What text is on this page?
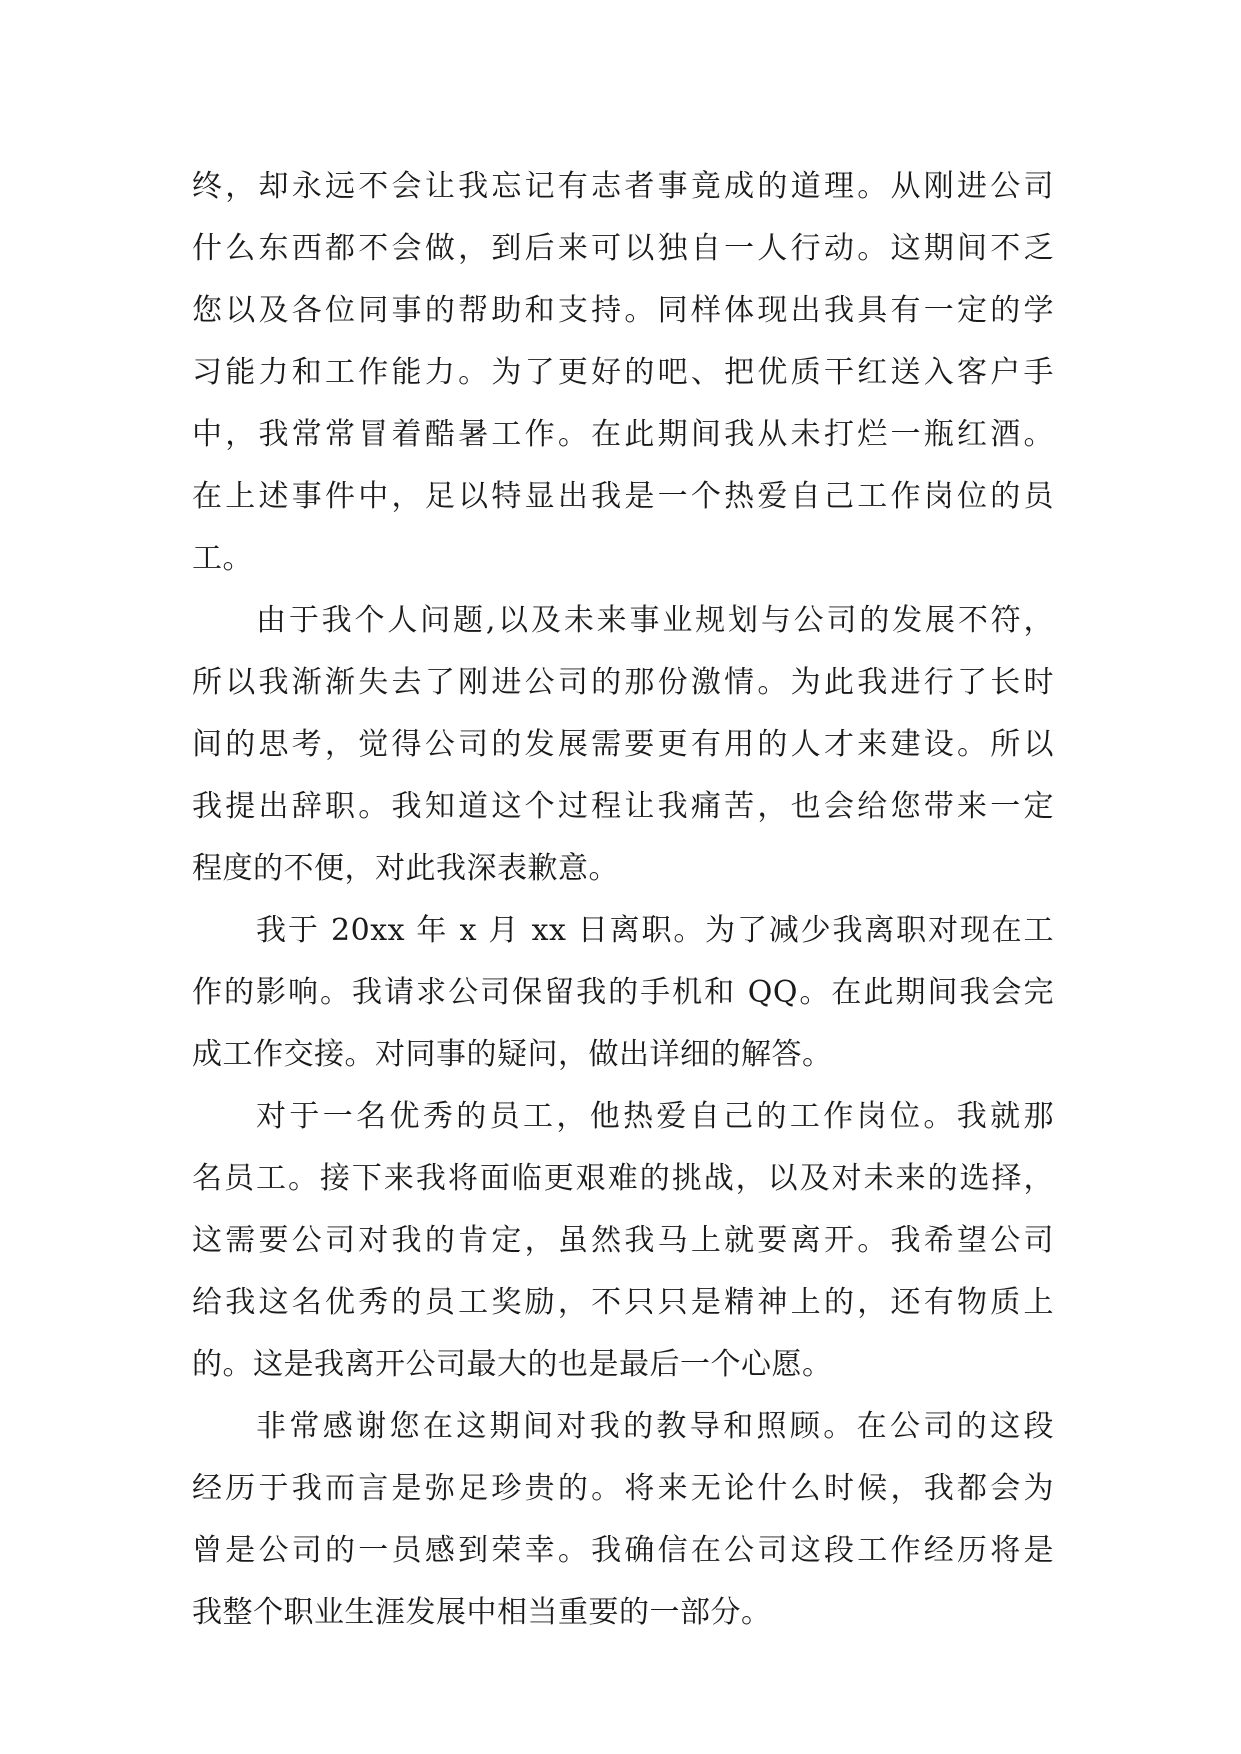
终，却永远不会让我忘记有志者事竟成的道理。从刚进公司
什么东西都不会做，到后来可以独自一人行动。这期间不乏
您以及各位同事的帮助和支持。同样体现出我具有一定的学
习能力和工作能力。为了更好的吧、把优质干红送入客户手
中，我常常冒着酷暑工作。在此期间我从未打烂一瓶红酒。
在上述事件中，足以特显出我是一个热爱自己工作岗位的员
工。
由于我个人问题,以及未来事业规划与公司的发展不符，
所以我渐渐失去了刚进公司的那份激情。为此我进行了长时
间的思考，觉得公司的发展需要更有用的人才来建设。所以
我提出辞职。我知道这个过程让我痛苦，也会给您带来一定
程度的不便，对此我深表歉意。
我于 20xx 年 x 月 xx 日离职。为了减少我离职对现在工
作的影响。我请求公司保留我的手机和 QQ。在此期间我会完
成工作交接。对同事的疑问，做出详细的解答。
对于一名优秀的员工，他热爱自己的工作岗位。我就那
名员工。接下来我将面临更艰难的挑战，以及对未来的选择，
这需要公司对我的肯定，虽然我马上就要离开。我希望公司
给我这名优秀的员工奖励，不只只是精神上的，还有物质上
的。这是我离开公司最大的也是最后一个心愿。
非常感谢您在这期间对我的教导和照顾。在公司的这段
经历于我而言是弥足珍贵的。将来无论什么时候，我都会为
曾是公司的一员感到荣幸。我确信在公司这段工作经历将是
我整个职业生涯发展中相当重要的一部分。
